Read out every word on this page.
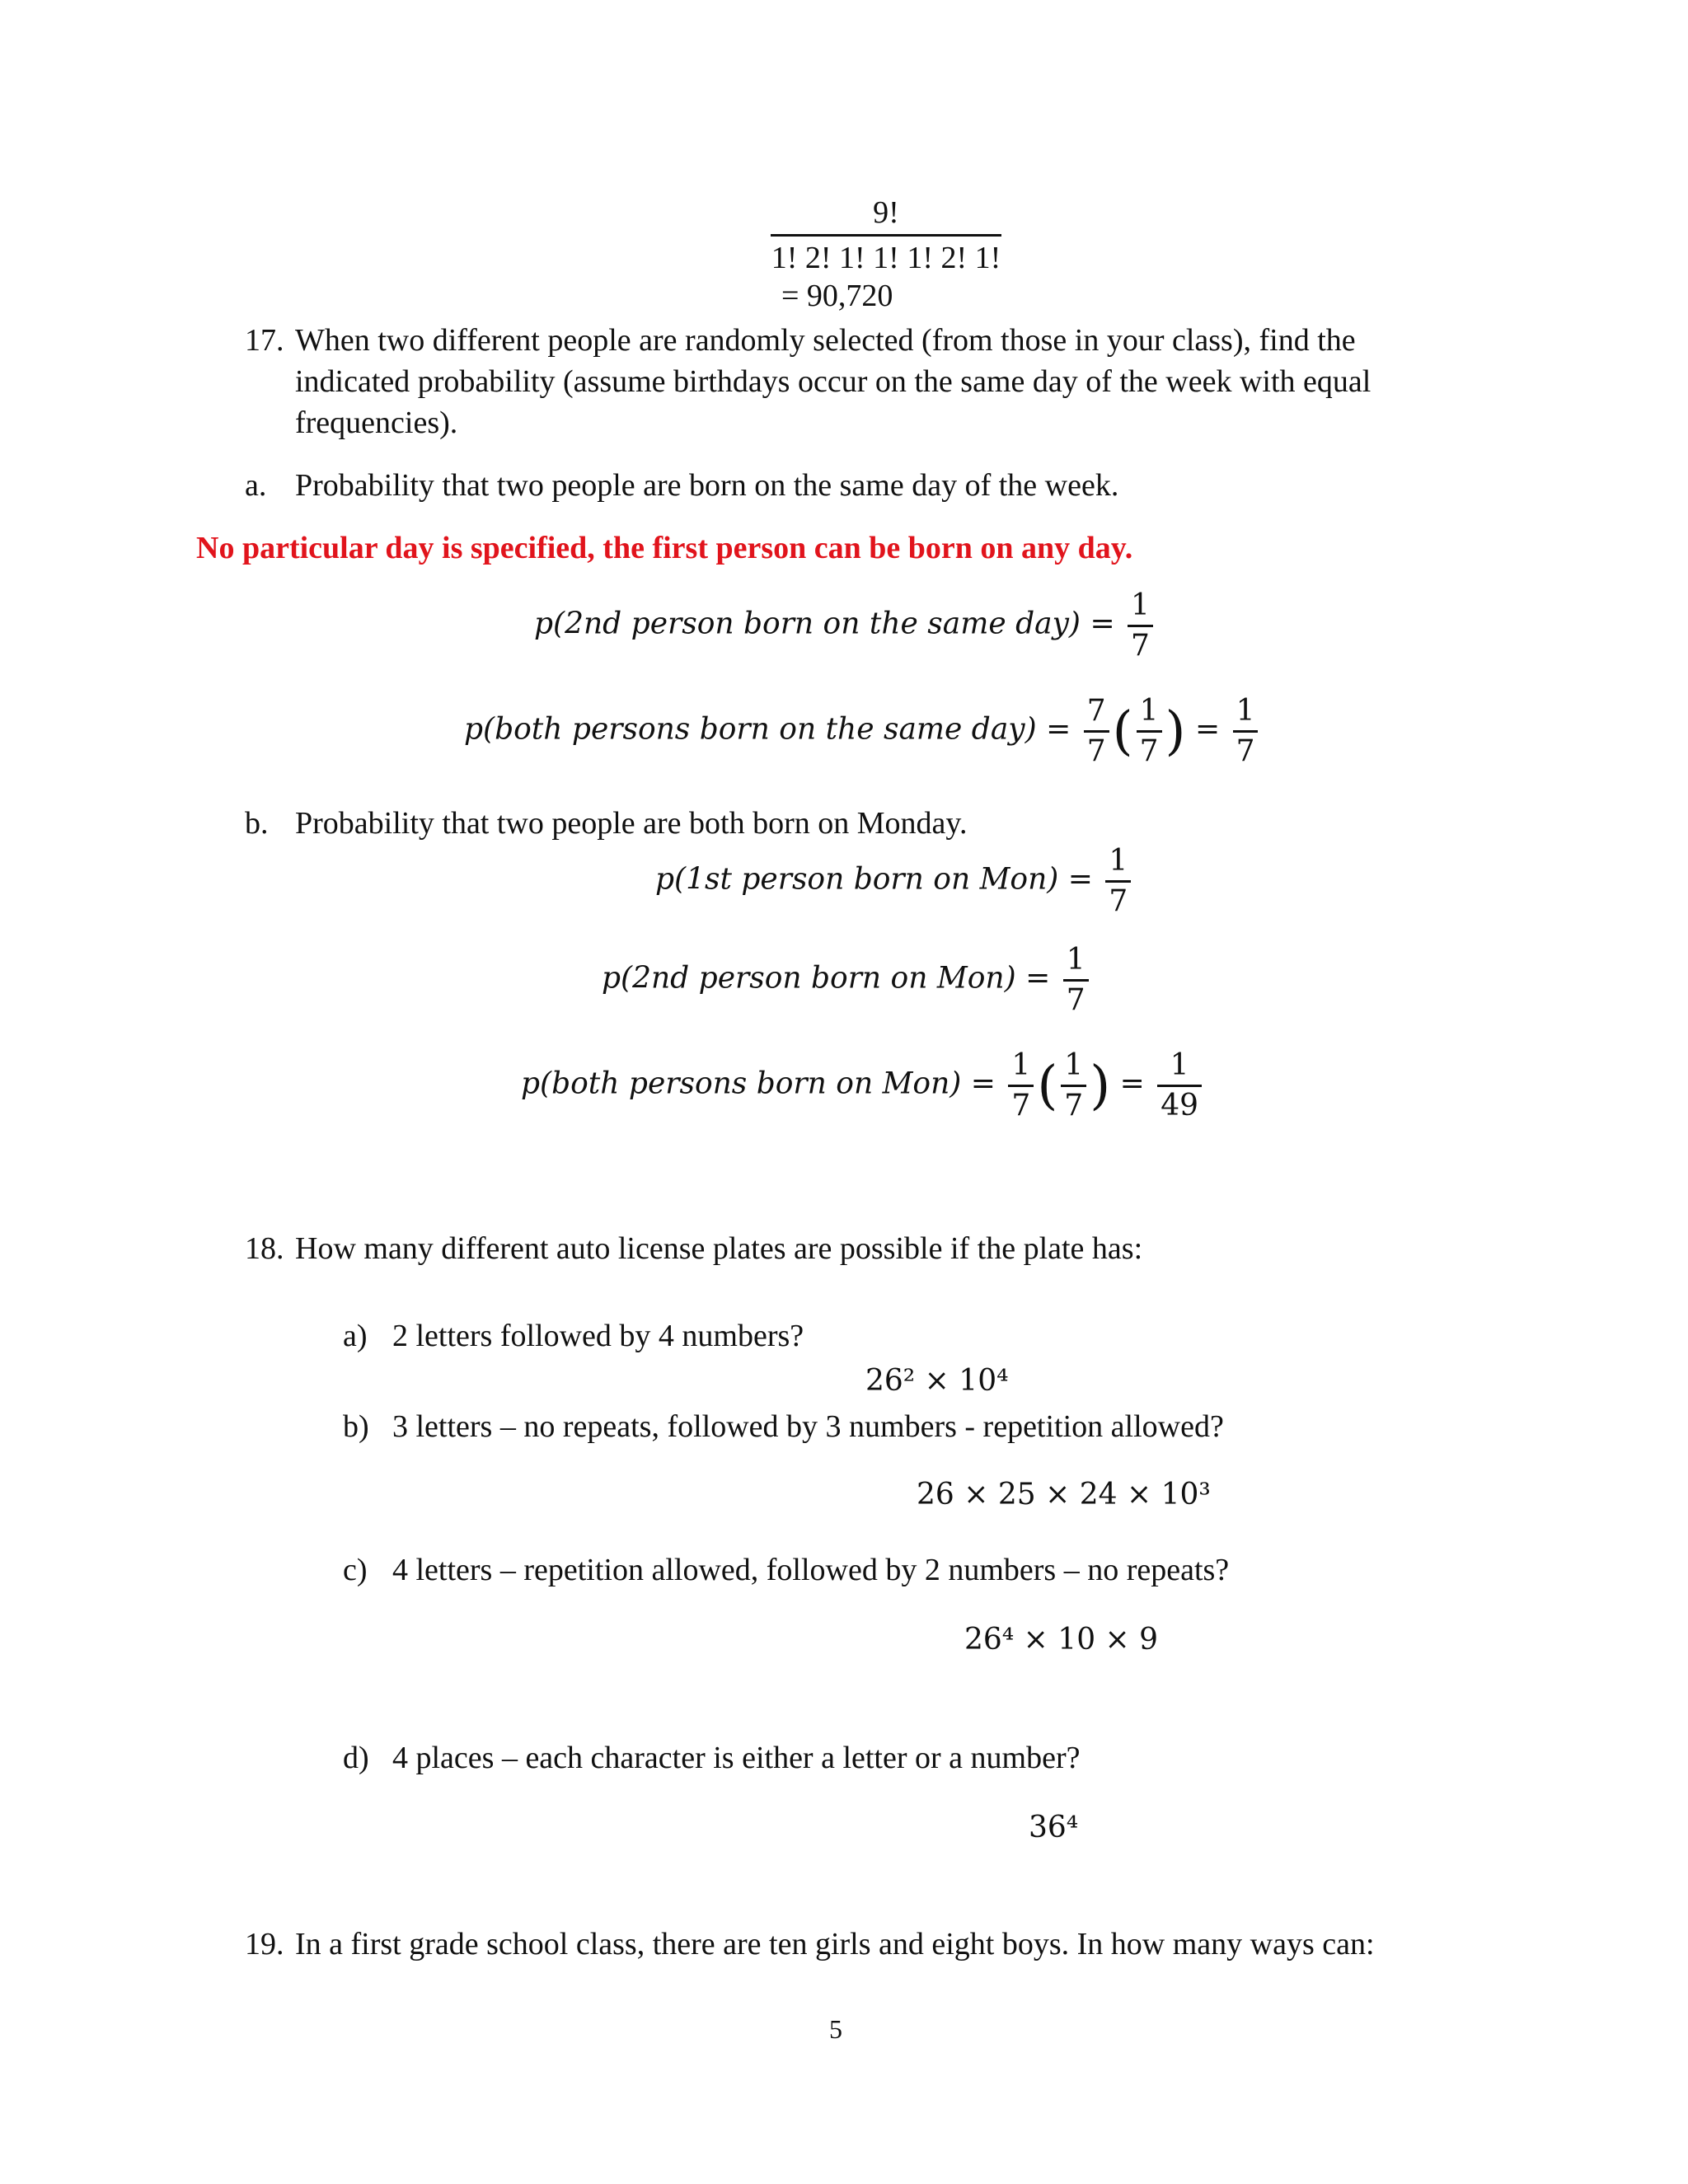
$\frac{9!}{1! 2! 1! 1! 1! 2! 1!}$
= 90,720
17. When two different people are randomly selected (from those in your class), find the
indicated probability (assume birthdays occur on the same day of the week with equal
frequencies).
a. Probability that two people are born on the same day of the week.
No particular day is specified, the first person can be born on any day.
p(2nd person born on the same $day) = \frac{1}{7}$
p(both persons born on the same $day) = \frac{7}{7}$ ( $\frac{1}{7}$ ) = $\frac{1}{7}$
b. Probability that two people are both born on Monday.
p(1st person born on $Mon) = \frac{1}{7}$
p(2nd person born on $Mon) = \frac{1}{7}$
p(both persons born on $Mon) = \frac{1}{7}$ ( $\frac{1}{7}$ ) = $\frac{1}{49}$
18. How many different auto license plates are possible if the plate has:
a) 2 letters followed by 4 numbers?
26² × 10⁴
b) 3 letters – no repeats, followed by 3 numbers - repetition allowed?
26 × 25 × 24 × 10³
c) 4 letters – repetition allowed, followed by 2 numbers – no repeats?
26⁴ × 10 × 9
d) 4 places – each character is either a letter or a number?
36⁴
19. In a first grade school class, there are ten girls and eight boys. In how many ways can:
5
